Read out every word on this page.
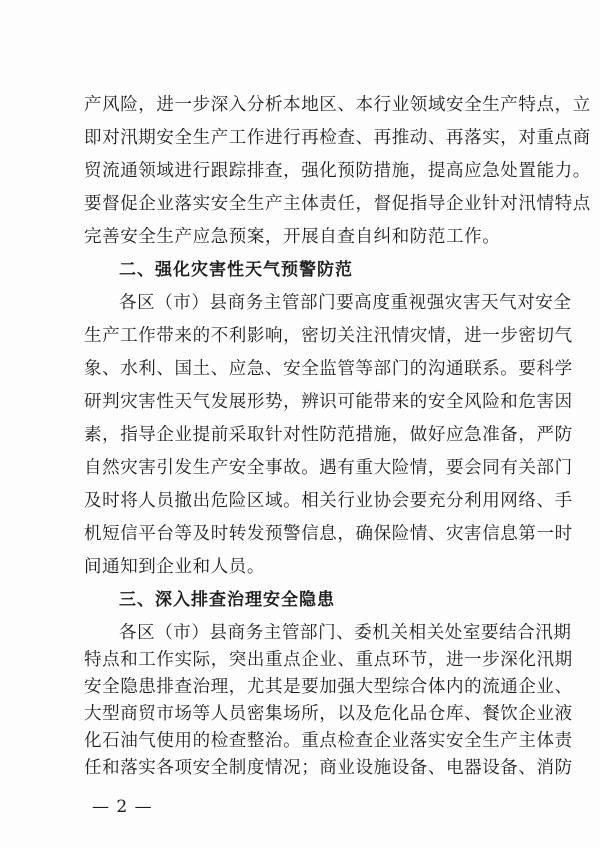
产风险，进一步深入分析本地区、本行业领域安全生产特点，立
即对汛期安全生产工作进行再检查、再推动、再落实，对重点商
贸流通领域进行跟踪排查，强化预防措施，提高应急处置能力。
要督促企业落实安全生产主体责任，督促指导企业针对汛情特点
完善安全生产应急预案，开展自查自纠和防范工作。
二、强化灾害性天气预警防范
各区（市）县商务主管部门要高度重视强灾害天气对安全
生产工作带来的不利影响，密切关注汛情灾情，进一步密切气
象、水利、国土、应急、安全监管等部门的沟通联系。要科学
研判灾害性天气发展形势，辨识可能带来的安全风险和危害因
素，指导企业提前采取针对性防范措施，做好应急准备，严防
自然灾害引发生产安全事故。遇有重大险情，要会同有关部门
及时将人员撤出危险区域。相关行业协会要充分利用网络、手
机短信平台等及时转发预警信息，确保险情、灾害信息第一时
间通知到企业和人员。
三、深入排查治理安全隐患
各区（市）县商务主管部门、委机关相关处室要结合汛期
特点和工作实际，突出重点企业、重点环节，进一步深化汛期
安全隐患排查治理，尤其是要加强大型综合体内的流通企业、
大型商贸市场等人员密集场所，以及危化品仓库、餐饮企业液
化石油气使用的检查整治。重点检查企业落实安全生产主体责
— 2 —
任和落实各项安全制度情况；商业设施设备、电器设备、消防
